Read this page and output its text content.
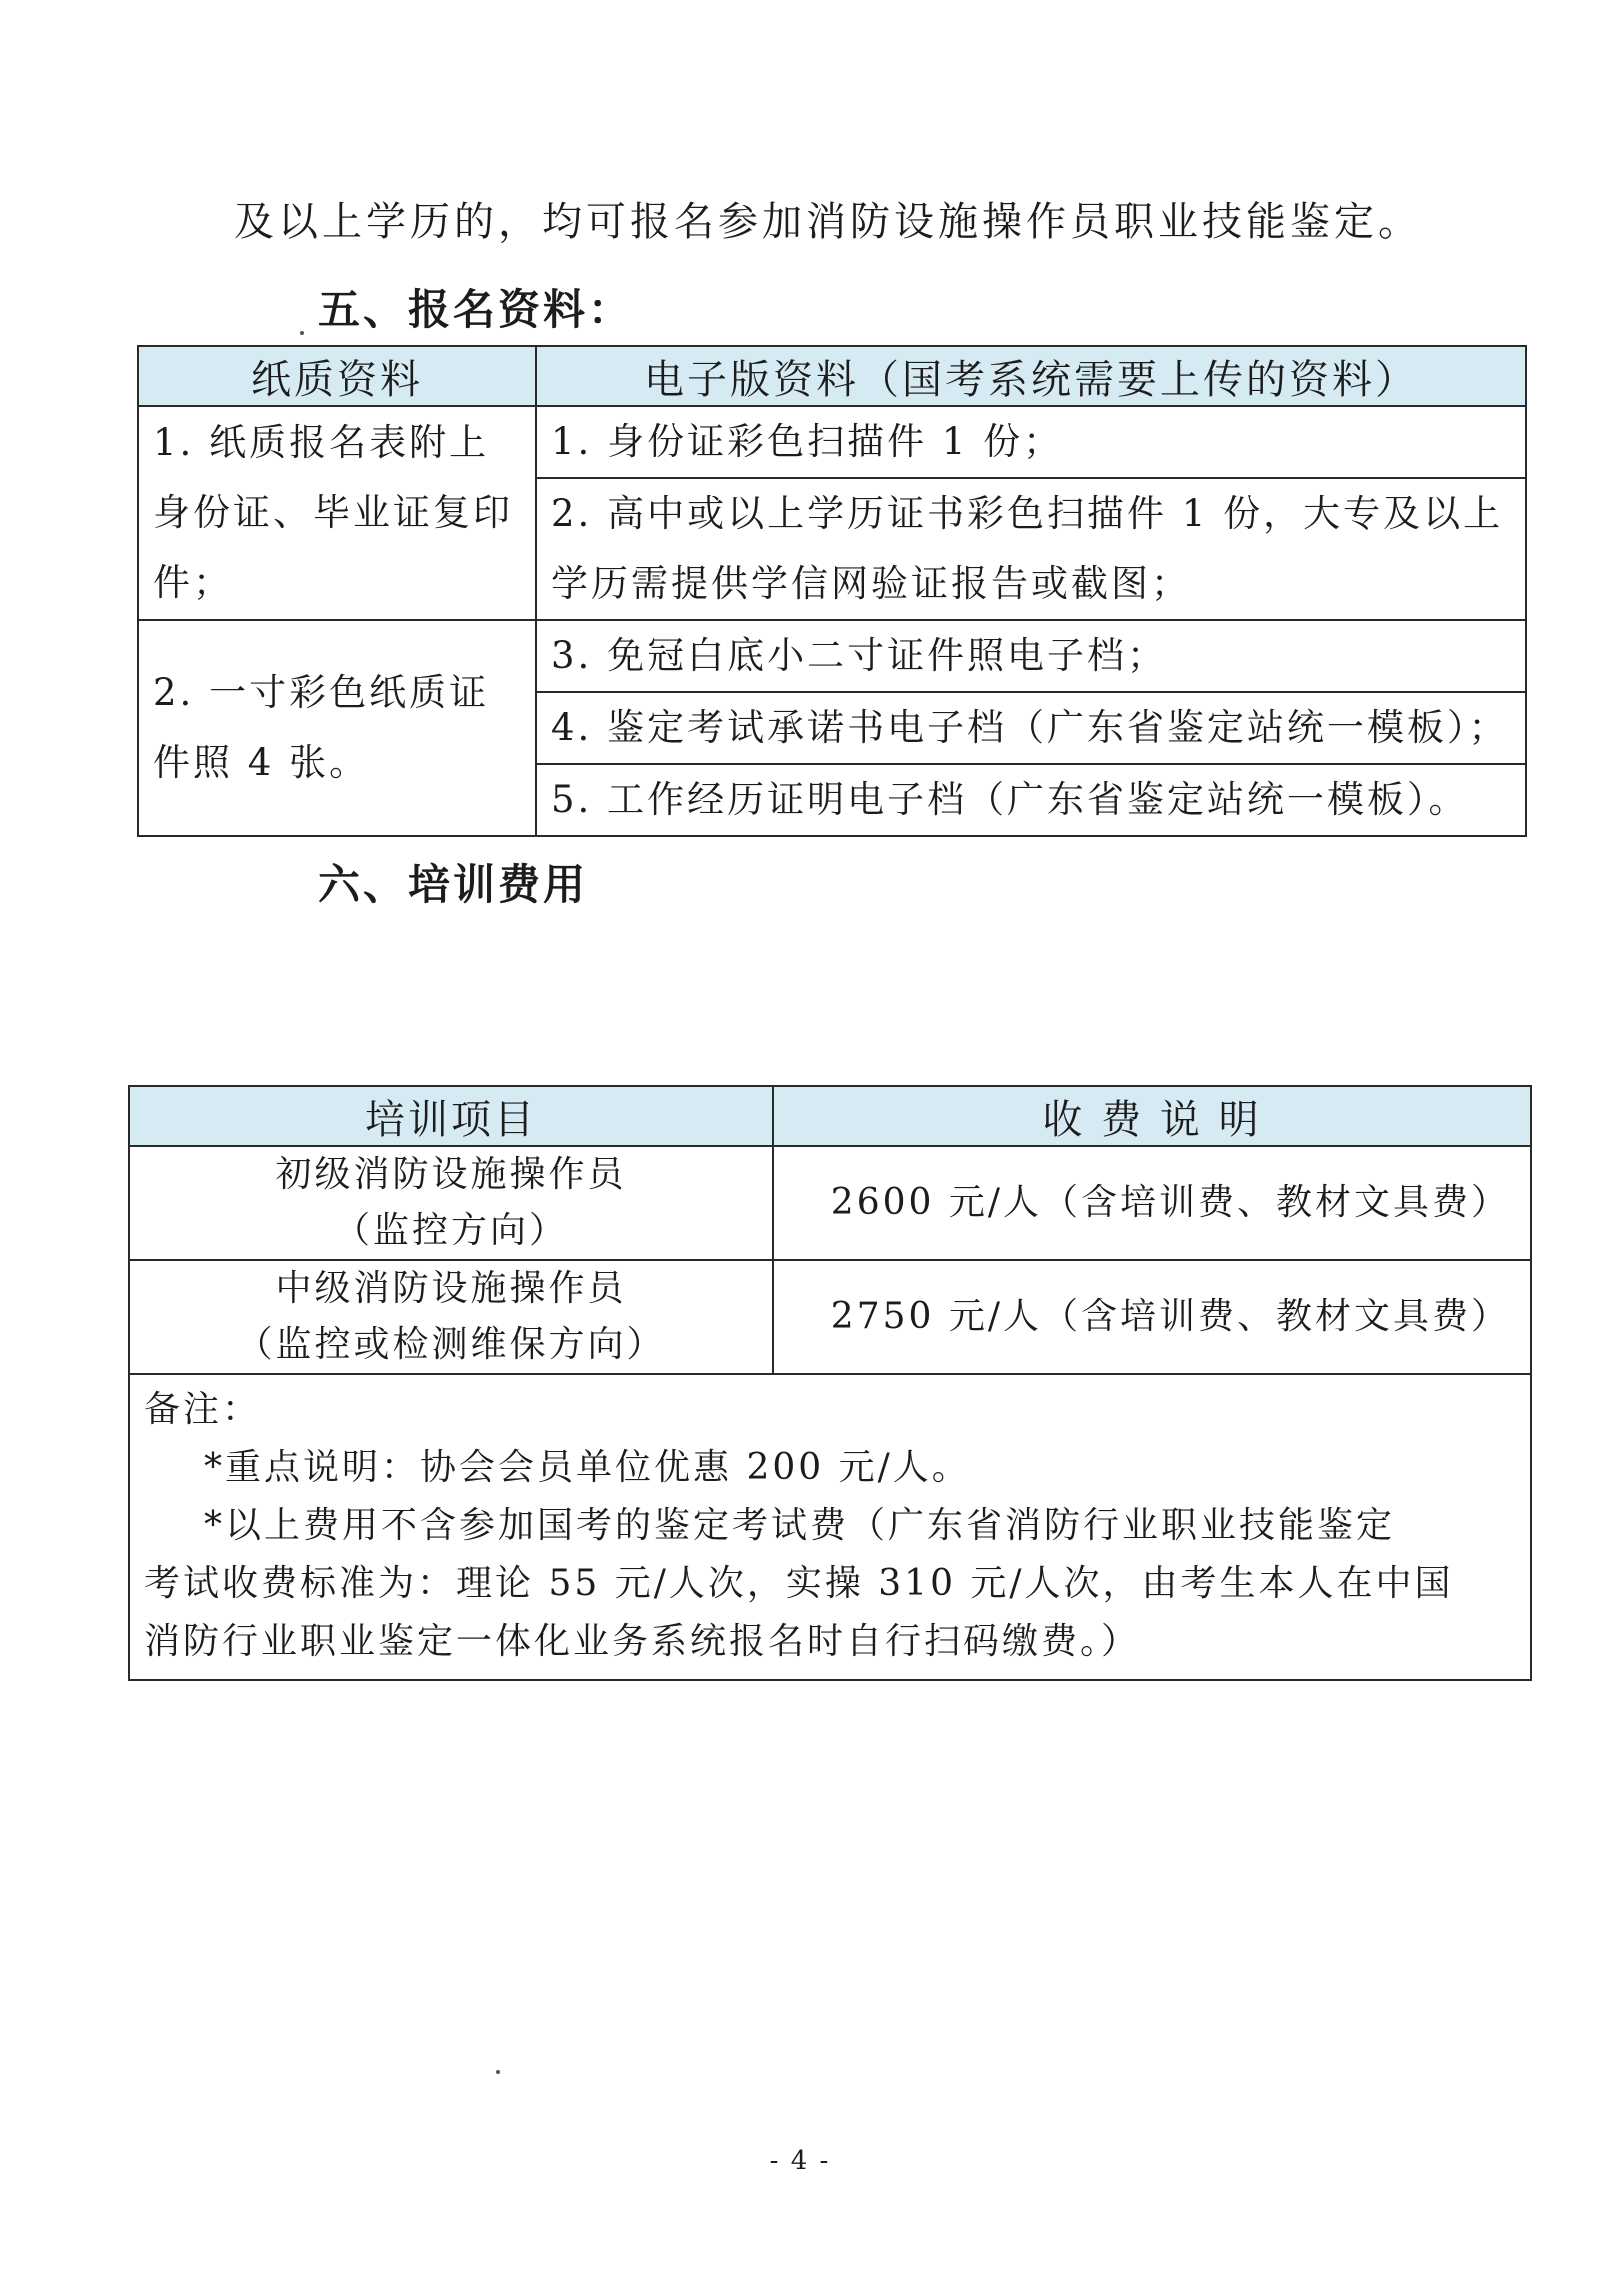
及以上学历的，均可报名参加消防设施操作员职业技能鉴定。
五、报名资料：
纸质资料	电子版资料（国考系统需要上传的资料）

1. 纸质报名表附上
身份证、毕业证复印
件；	1. 身份证彩色扫描件 1 份；

	2. 高中或以上学历证书彩色扫描件 1 份，大专及以上
学历需提供学信网验证报告或截图；

2. 一寸彩色纸质证
件照 4 张。	3. 免冠白底小二寸证件照电子档；

	4. 鉴定考试承诺书电子档（广东省鉴定站统一模板）；

	5. 工作经历证明电子档（广东省鉴定站统一模板）。
六、培训费用
培训项目	收 费 说 明

初级消防设施操作员
（监控方向）	2600 元/人（含培训费、教材文具费）

中级消防设施操作员
（监控或检测维保方向）	2750 元/人（含培训费、教材文具费）

备注：
*重点说明：协会会员单位优惠 200 元/人。
*以上费用不含参加国考的鉴定考试费（广东省消防行业职业技能鉴定
考试收费标准为：理论 55 元/人次，实操 310 元/人次，由考生本人在中国
消防行业职业鉴定一体化业务系统报名时自行扫码缴费。）	
- 4 -
